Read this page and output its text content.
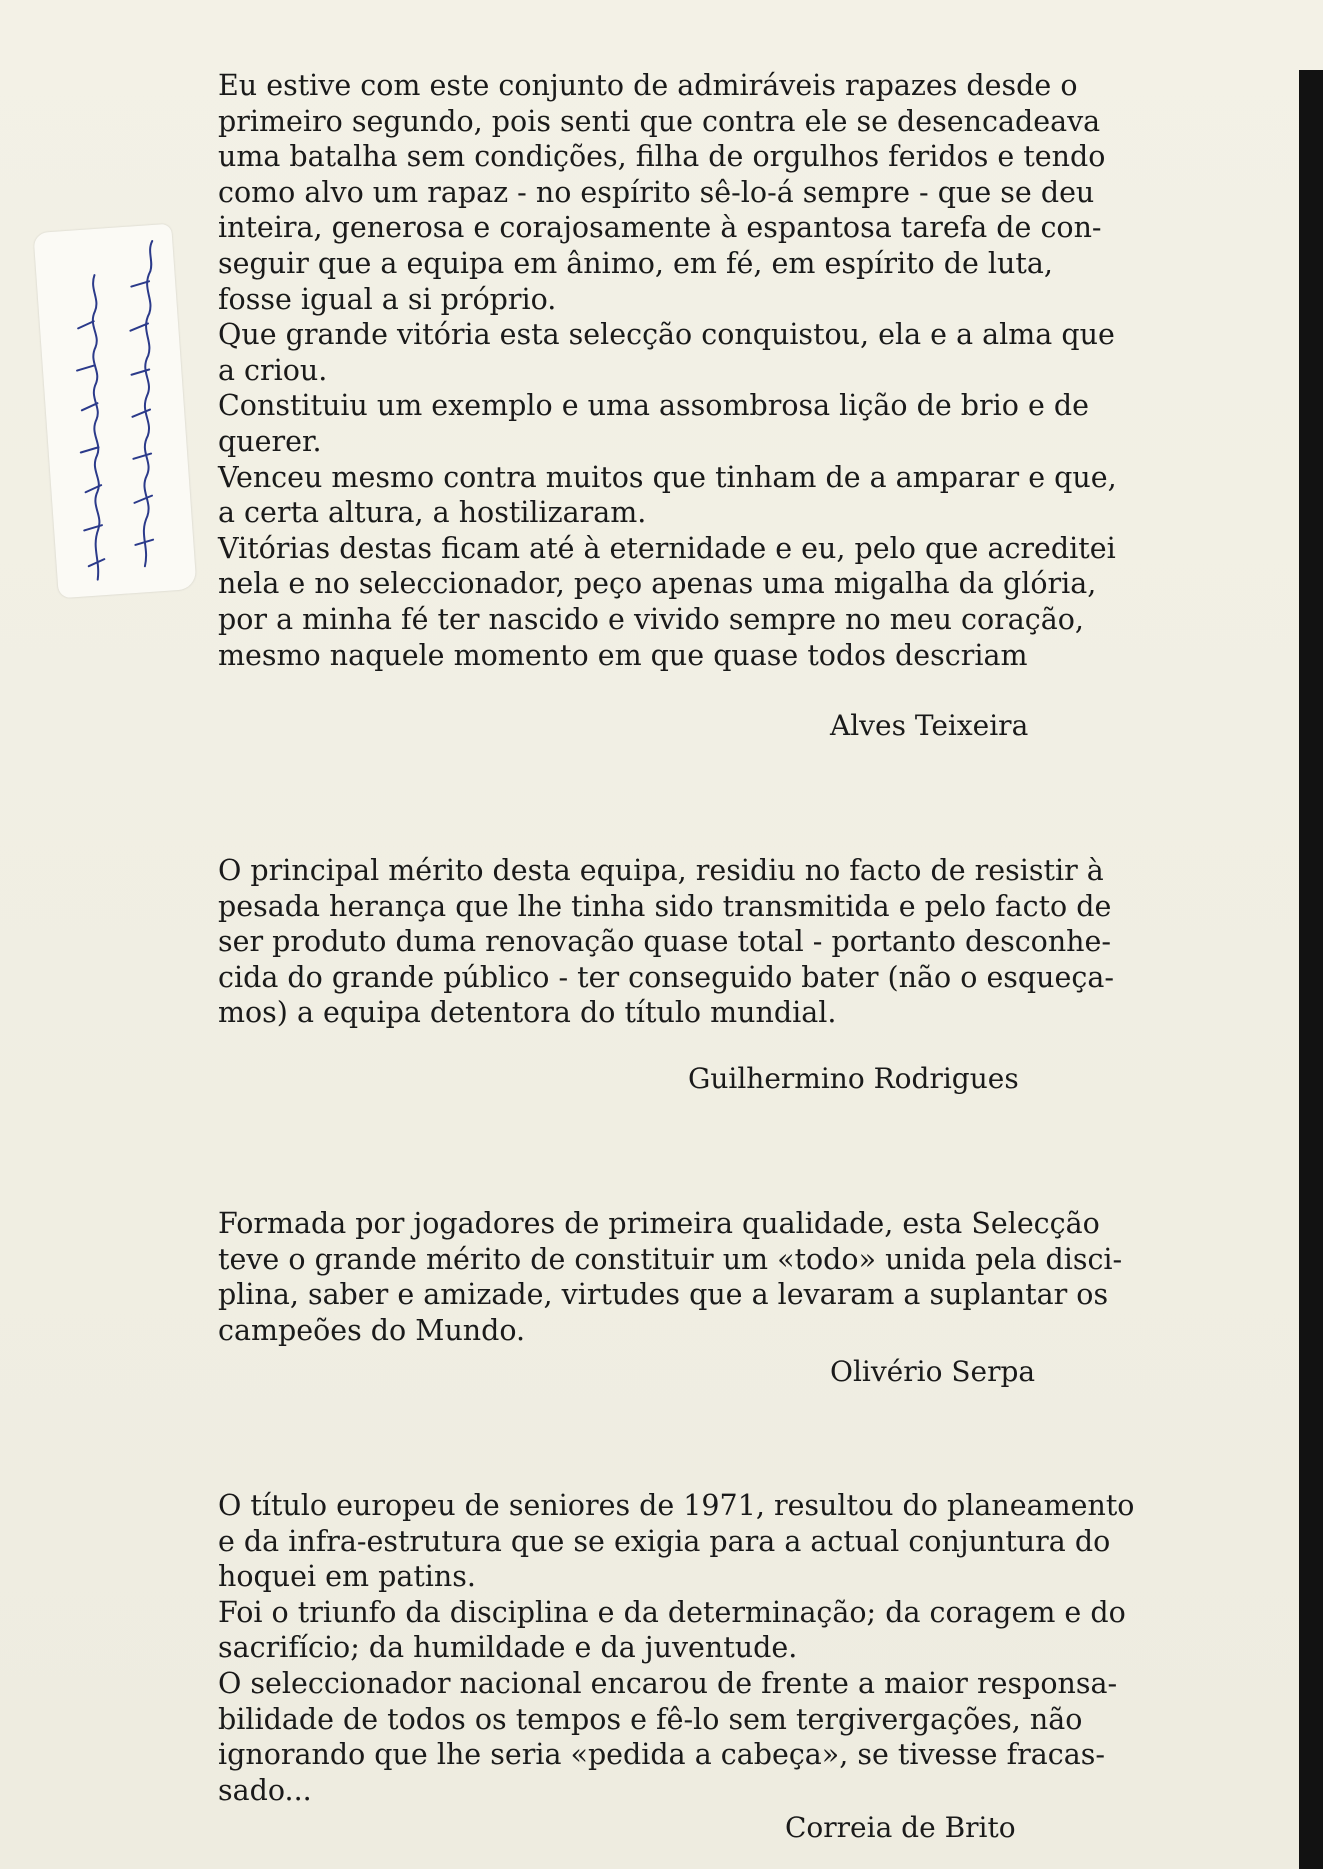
Eu estive com este conjunto de admiráveis rapazes desde o
primeiro segundo, pois senti que contra ele se desencadeava
uma batalha sem condições, filha de orgulhos feridos e tendo
como alvo um rapaz - no espírito sê-lo-á sempre - que se deu
inteira, generosa e corajosamente à espantosa tarefa de con-
seguir que a equipa em ânimo, em fé, em espírito de luta,
fosse igual a si próprio.
Que grande vitória esta selecção conquistou, ela e a alma que
a criou.
Constituiu um exemplo e uma assombrosa lição de brio e de
querer.
Venceu mesmo contra muitos que tinham de a amparar e que,
a certa altura, a hostilizaram.
Vitórias destas ficam até à eternidade e eu, pelo que acreditei
nela e no seleccionador, peço apenas uma migalha da glória,
por a minha fé ter nascido e vivido sempre no meu coração,
mesmo naquele momento em que quase todos descriam

Alves Teixeira

O principal mérito desta equipa, residiu no facto de resistir à
pesada herança que lhe tinha sido transmitida e pelo facto de
ser produto duma renovação quase total - portanto desconhe-
cida do grande público - ter conseguido bater (não o esqueça-
mos) a equipa detentora do título mundial.

Guilhermino Rodrigues

Formada por jogadores de primeira qualidade, esta Selecção
teve o grande mérito de constituir um «todo» unida pela disci-
plina, saber e amizade, virtudes que a levaram a suplantar os
campeões do Mundo.

Olivério Serpa

O título europeu de seniores de 1971, resultou do planeamento
e da infra-estrutura que se exigia para a actual conjuntura do
hoquei em patins.
Foi o triunfo da disciplina e da determinação; da coragem e do
sacrifício; da humildade e da juventude.
O seleccionador nacional encarou de frente a maior responsa-
bilidade de todos os tempos e fê-lo sem tergivergações, não
ignorando que lhe seria «pedida a cabeça», se tivesse fracas-
sado...

Correia de Brito
